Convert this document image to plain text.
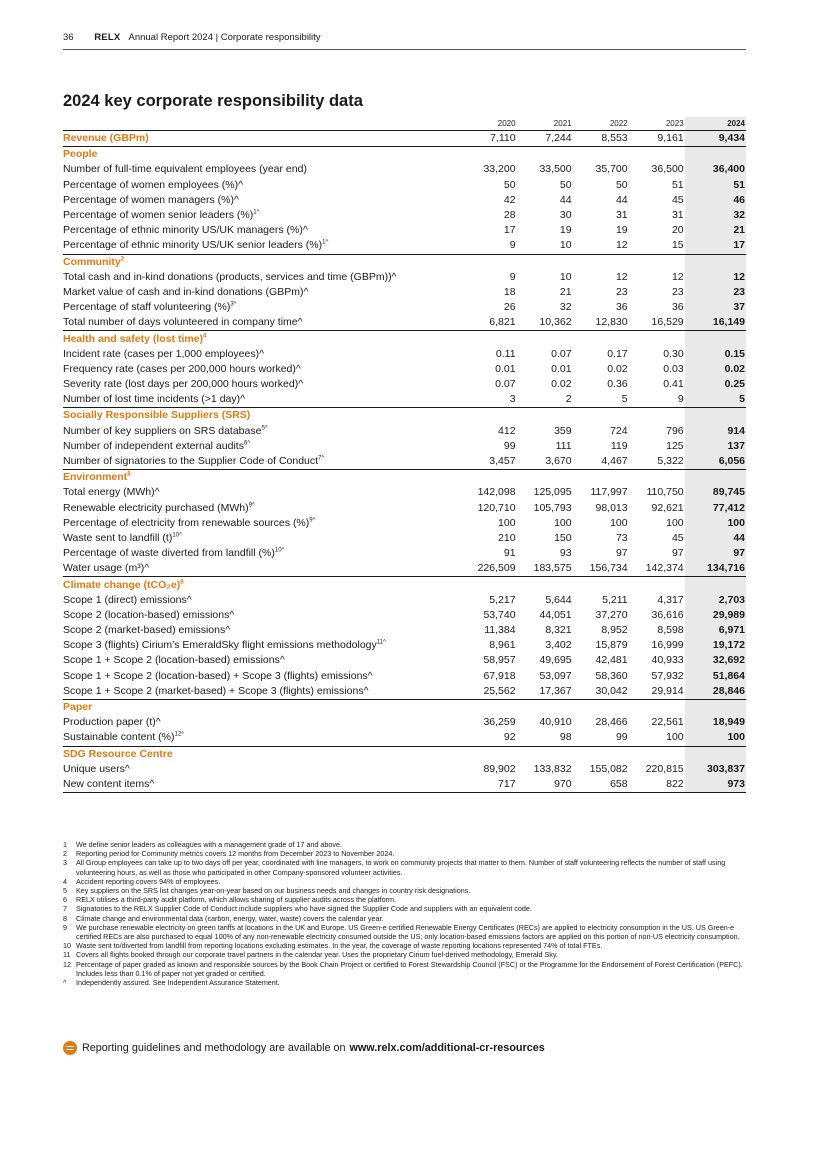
36 RELX Annual Report 2024 | Corporate responsibility
2024 key corporate responsibility data
	2020	2021	2022	2023	2024
Revenue (GBPm)	7,110	7,244	8,553	9,161	9,434
People					
Number of full-time equivalent employees (year end)	33,200	33,500	35,700	36,500	36,400
Percentage of women employees (%)^	50	50	50	51	51
Percentage of women managers (%)^	42	44	44	45	46
Percentage of women senior leaders (%)$^{1\^{}}$	28	30	31	31	32
Percentage of ethnic minority US/UK managers (%)^	17	19	19	20	21
Percentage of ethnic minority US/UK senior leaders (%)$^{1\^{}}$	9	10	12	15	17
Community$^2$	
Total cash and in-kind donations (products, services and time (GBPm))^	9	10	12	12	12
Market value of cash and in-kind donations (GBPm)^	18	21	23	23	23
Percentage of staff volunteering (%)$^{3\^{}}$	26	32	36	36	37
Total number of days volunteered in company time^	6,821	10,362	12,830	16,529	16,149
Health and safety (lost time)$^4$	
Incident rate (cases per 1,000 employees)^	0.11	0.07	0.17	0.30	0.15
Frequency rate (cases per 200,000 hours worked)^	0.01	0.01	0.02	0.03	0.02
Severity rate (lost days per 200,000 hours worked)^	0.07	0.02	0.36	0.41	0.25
Number of lost time incidents (>1 day)^	3	2	5	9	5
Socially Responsible Suppliers (SRS)					
Number of key suppliers on SRS database$^{5\^{}}$	412	359	724	796	914
Number of independent external audits$^{6\^{}}$	99	111	119	125	137
Number of signatories to the Supplier Code of Conduct$^{7\^{}}$	3,457	3,670	4,467	5,322	6,056
Environment$^8$	
Total energy (MWh)^	142,098	125,095	117,997	110,750	89,745
Renewable electricity purchased (MWh)$^{9\^{}}$	120,710	105,793	98,013	92,621	77,412
Percentage of electricity from renewable sources (%)$^{9\^{}}$	100	100	100	100	100
Waste sent to landfill $(t)^{10\^{}}$	210	150	73	45	44
Percentage of waste diverted from landfill (%)$^{10\^{}}$	91	93	97	97	97
Water usage (m³)^	226,509	183,575	156,734	142,374	134,716
Climate change $(tCO_2e)^8$	
Scope 1 (direct) emissions^	5,217	5,644	5,211	4,317	2,703
Scope 2 (location-based) emissions^	53,740	44,051	37,270	36,616	29,989
Scope 2 (market-based) emissions^	11,384	8,321	8,952	8,598	6,971
Scope 3 (flights) Cirium’s EmeraldSky flight emissions methodology$^{11\^{}}$	8,961	3,402	15,879	16,999	19,172
Scope 1 + Scope 2 (location-based) emissions^	58,957	49,695	42,481	40,933	32,692
Scope 1 + Scope 2 (location-based) + Scope 3 (flights) emissions^	67,918	53,097	58,360	57,932	51,864
Scope 1 + Scope 2 (market-based) + Scope 3 (flights) emissions^	25,562	17,367	30,042	29,914	28,846
Paper					
Production paper (t)^	36,259	40,910	28,466	22,561	18,949
Sustainable content (%)$^{12\^{}}$	92	98	99	100	100
SDG Resource Centre					
Unique users^	89,902	133,832	155,082	220,815	303,837
New content items^	717	970	658	822	973
1	We define senior leaders as colleagues with a management grade of 17 and above.
2	Reporting period for Community metrics covers 12 months from December 2023 to November 2024.
3	All Group employees can take up to two days off per year, coordinated with line managers, to work on community projects that matter to them. Number of staff volunteering reflects the number of staff using volunteering hours, as well as those who participated in other Company-sponsored volunteer activities.
4	Accident reporting covers 94% of employees.
5	Key suppliers on the SRS list changes year-on-year based on our business needs and changes in country risk designations.
6	RELX utilises a third-party audit platform, which allows sharing of supplier audits across the platform.
7	Signatories to the RELX Supplier Code of Conduct include suppliers who have signed the Supplier Code and suppliers with an equivalent code.
8	Climate change and environmental data (carbon, energy, water, waste) covers the calendar year.
9	We purchase renewable electricity on green tariffs at locations in the UK and Europe. US Green-e certified Renewable Energy Certificates (RECs) are applied to electricity consumption in the US. US Green-e certified RECs are also purchased to equal 100% of any non-renewable electricity consumed outside the US; only location-based emissions factors are applied on this portion of non-US electricity consumption.
10 Waste sent to/diverted from landfill from reporting locations excluding estimates. In the year, the coverage of waste reporting locations represented 74% of total FTEs.
11 Covers all flights booked through our corporate travel partners in the calendar year. Uses the proprietary Cirium fuel-derived methodology, Emerald Sky.
12 Percentage of paper graded as known and responsible sources by the Book Chain Project or certified to Forest Stewardship Council (FSC) or the Programme for the Endorsement of Forest Certification (PEFC). Includes less than 0.1% of paper not yet graded or certified.
^	Independently assured. See Independent Assurance Statement.
Reporting guidelines and methodology are available on www.relx.com/additional-cr-resources
